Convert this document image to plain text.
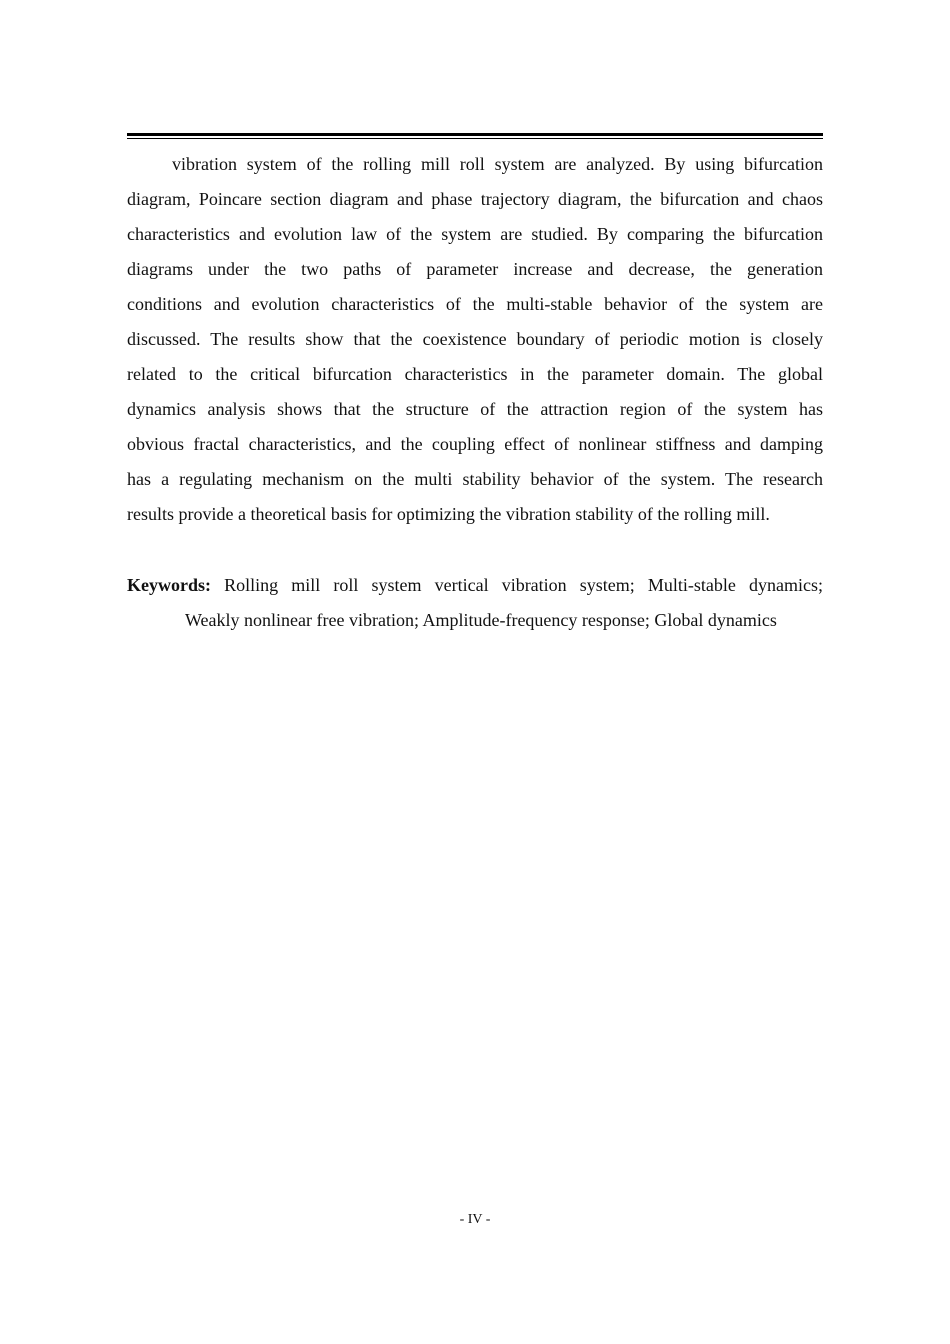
vibration system of the rolling mill roll system are analyzed. By using bifurcation
diagram, Poincare section diagram and phase trajectory diagram, the bifurcation and chaos
characteristics and evolution law of the system are studied. By comparing the bifurcation
diagrams under the two paths of parameter increase and decrease, the generation
conditions and evolution characteristics of the multi-stable behavior of the system are
discussed. The results show that the coexistence boundary of periodic motion is closely
related to the critical bifurcation characteristics in the parameter domain. The global
dynamics analysis shows that the structure of the attraction region of the system has
obvious fractal characteristics, and the coupling effect of nonlinear stiffness and damping
has a regulating mechanism on the multi stability behavior of the system. The research
results provide a theoretical basis for optimizing the vibration stability of the rolling mill.
Keywords: Rolling mill roll system vertical vibration system; Multi-stable dynamics;
Weakly nonlinear free vibration; Amplitude-frequency response; Global dynamics
- IV -
